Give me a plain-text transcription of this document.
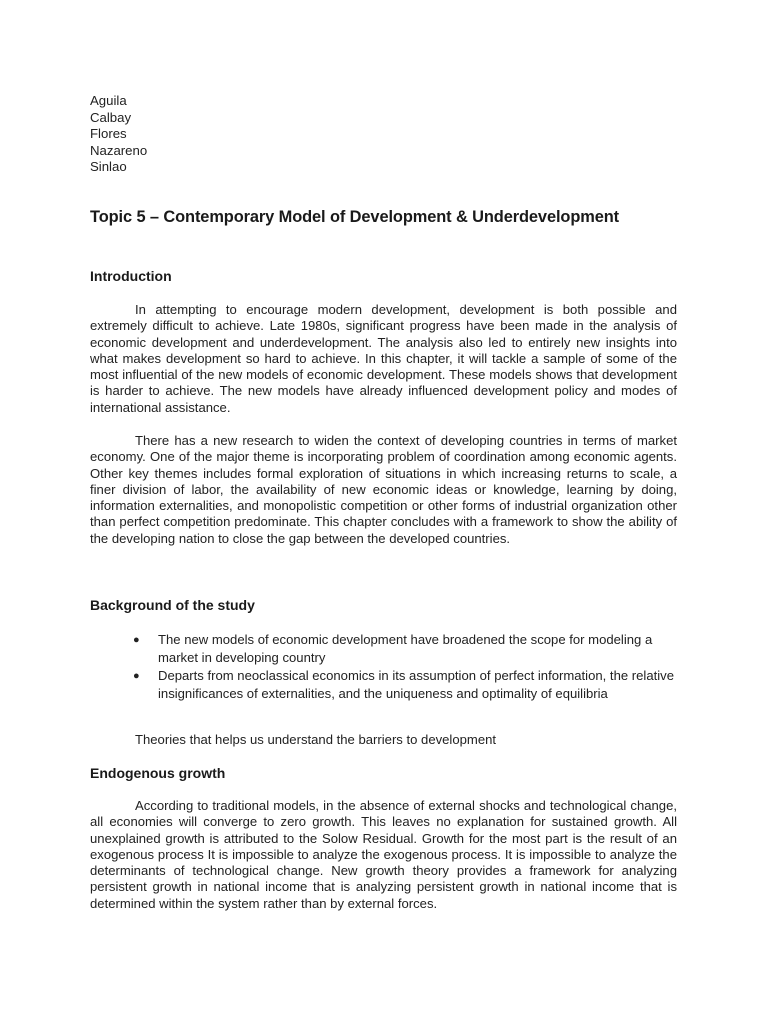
Aguila
Calbay
Flores
Nazareno
Sinlao
Topic 5 – Contemporary Model of Development & Underdevelopment
Introduction

In attempting to encourage modern development, development is both possible and extremely difficult to achieve. Late 1980s, significant progress have been made in the analysis of economic development and underdevelopment. The analysis also led to entirely new insights into what makes development so hard to achieve. In this chapter, it will tackle a sample of some of the most influential of the new models of economic development. These models shows that development is harder to achieve. The new models have already influenced development policy and modes of international assistance.

There has a new research to widen the context of developing countries in terms of market economy. One of the major theme is incorporating problem of coordination among economic agents. Other key themes includes formal exploration of situations in which increasing returns to scale, a finer division of labor, the availability of new economic ideas or knowledge, learning by doing, information externalities, and monopolistic competition or other forms of industrial organization other than perfect competition predominate. This chapter concludes with a framework to show the ability of the developing nation to close the gap between the developed countries.

Background of the study
● The new models of economic development have broadened the scope for modeling a market in developing country
● Departs from neoclassical economics in its assumption of perfect information, the relative insignificances of externalities, and the uniqueness and optimality of equilibria
Theories that helps us understand the barriers to development
Endogenous growth

According to traditional models, in the absence of external shocks and technological change, all economies will converge to zero growth. This leaves no explanation for sustained growth. All unexplained growth is attributed to the Solow Residual. Growth for the most part is the result of an exogenous process It is impossible to analyze the exogenous process. It is impossible to analyze the determinants of technological change. New growth theory provides a framework for analyzing persistent growth in national income that is analyzing persistent growth in national income that is determined within the system rather than by external forces.
